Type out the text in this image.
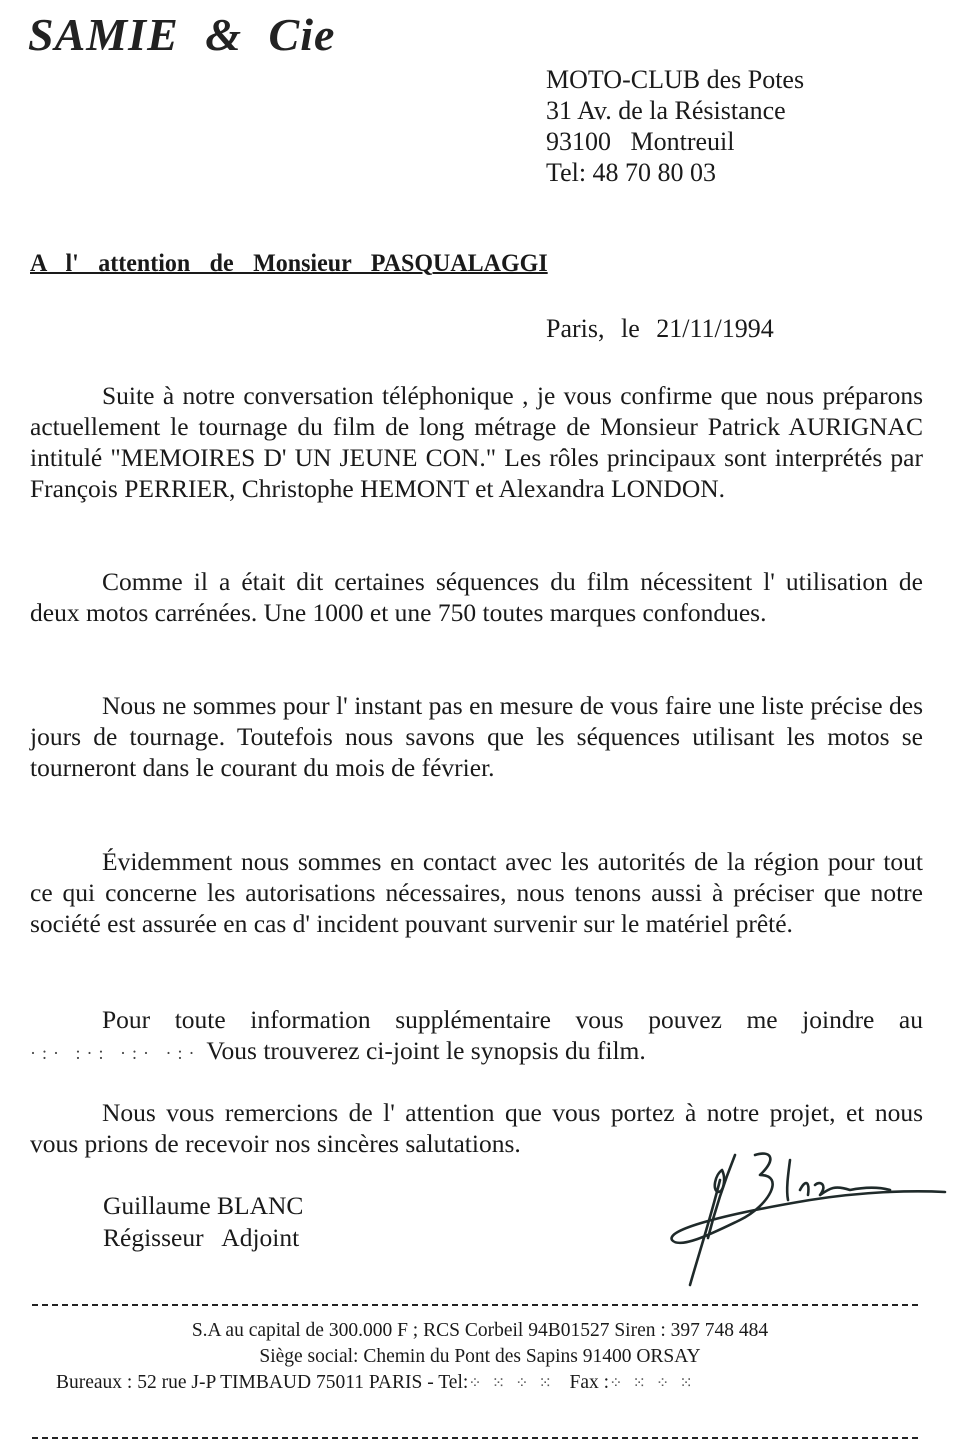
SAMIE & Cie
MOTO-CLUB des Potes
31 Av. de la Résistance
93100   Montreuil
Tel: 48 70 80 03
A l' attention de Monsieur PASQUALAGGI
Paris, le 21/11/1994
Suite à notre conversation téléphonique , je vous confirme que nous préparons actuellement le tournage du film de long métrage de Monsieur Patrick AURIGNAC intitulé "MEMOIRES D' UN JEUNE CON." Les rôles principaux sont interprétés par François PERRIER, Christophe HEMONT et Alexandra LONDON.
Comme il a était dit certaines séquences du film nécessitent l' utilisation de deux motos carrénées. Une 1000 et une 750 toutes marques confondues.
Nous ne sommes pour l' instant pas en mesure de vous faire une liste précise des jours de tournage. Toutefois nous savons que les séquences utilisant les motos se tourneront dans le courant du mois de février.
Évidemment nous sommes en contact avec les autorités de la région pour tout ce qui concerne les autorisations nécessaires, nous tenons aussi à préciser que notre société est assurée en cas d' incident pouvant survenir sur le matériel prêté.
Pour toute information supplémentaire vous pouvez me joindre au ·:· :·: ·:· ·:· Vous trouverez ci-joint le synopsis du film.
Nous vous remercions de l' attention que vous portez à notre projet, et nous vous prions de recevoir nos sincères salutations.
Guillaume BLANC
Régisseur   Adjoint
S.A au capital de 300.000 F ; RCS Corbeil 94B01527 Siren : 397 748 484
Siège social: Chemin du Pont des Sapins 91400 ORSAY
Bureaux : 52 rue J-P TIMBAUD 75011 PARIS - Tel:⁘ ⁙ ⁘ ⁙ Fax :⁘ ⁙ ⁘ ⁙
